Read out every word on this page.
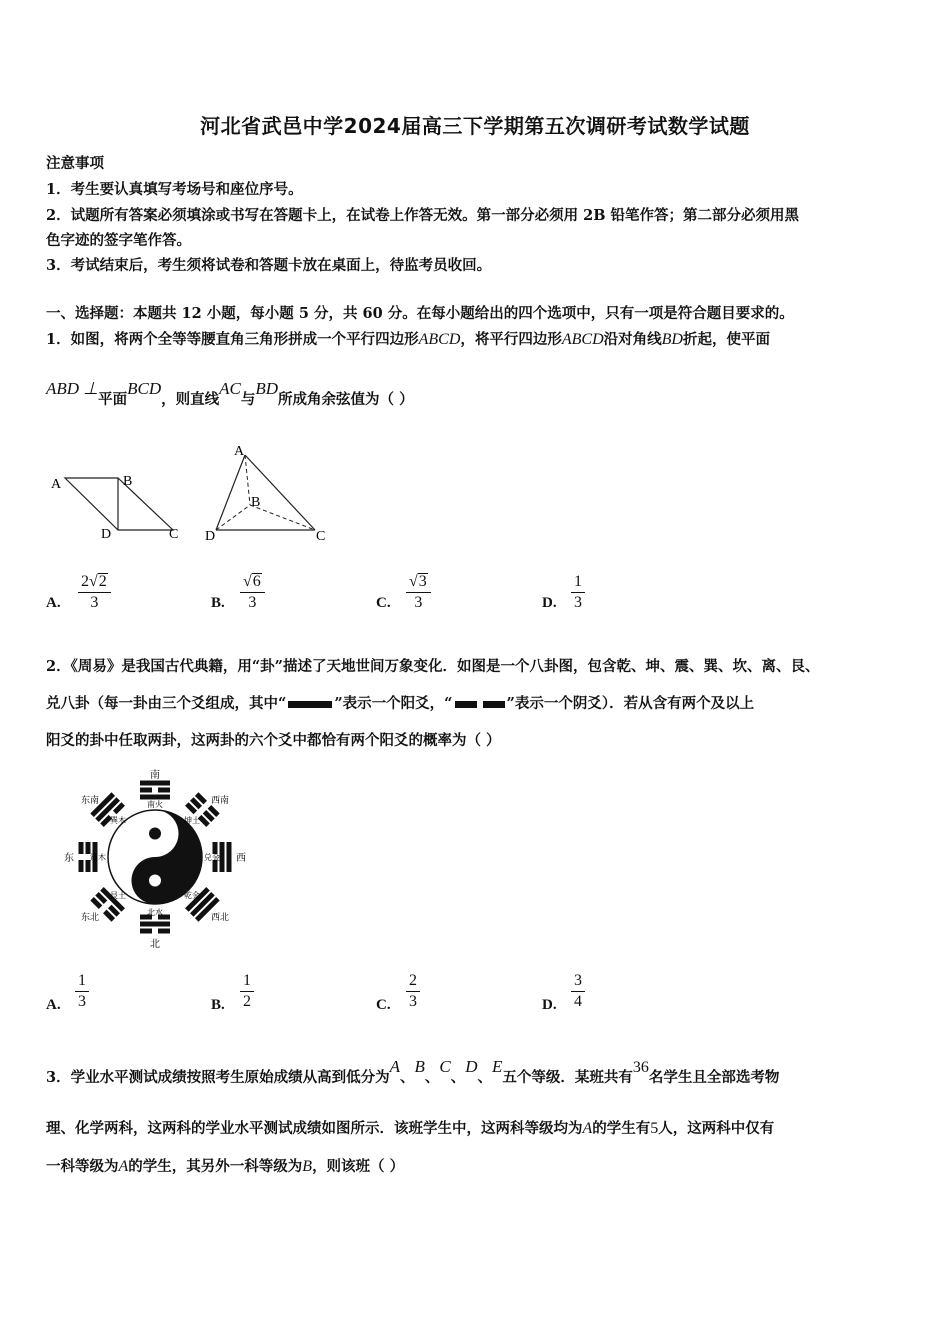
河北省武邑中学2024届高三下学期第五次调研考试数学试题
注意事项
1．考生要认真填写考场号和座位序号。
2．试题所有答案必须填涂或书写在答题卡上，在试卷上作答无效。第一部分必须用 2B 铅笔作答；第二部分必须用黑
色字迹的签字笔作答。
3．考试结束后，考生须将试卷和答题卡放在桌面上，待监考员收回。
一、选择题：本题共 12 小题，每小题 5 分，共 60 分。在每小题给出的四个选项中，只有一项是符合题目要求的。
1．如图，将两个全等等腰直角三角形拼成一个平行四边形ABCD，将平行四边形ABCD沿对角线BD折起，使平面
ABD ⊥平面BCD，则直线AC与BD所成角余弦值为（ ）
A	B
D	C
A
B
D	C
A.
2√2
3	B.
√6
3	C.
√3
3	D.
1
3
2．《周易》是我国古代典籍，用“卦”描述了天地世间万象变化．如图是一个八卦图，包含乾、坤、震、巽、坎、离、艮、
兑八卦（每一卦由三个爻组成，其中“	”表示一个阳爻，“	”表示一个阴爻）．若从含有两个及以上
阳爻的卦中任取两卦，这两卦的六个爻中都恰有两个阳爻的概率为（ ）
南
北
东	西
东南	西南
东北	西北
南火
北水
震木	兑金
巽木	坤土
艮土	乾金
A.
1
3	B.
1
2	C.
2
3	D.
3
4
3．学业水平测试成绩按照考生原始成绩从高到低分为A、B、C、D、E五个等级．某班共有36名学生且全部选考物
理、化学两科，这两科的学业水平测试成绩如图所示．该班学生中，这两科等级均为A的学生有5人，这两科中仅有
一科等级为A的学生，其另外一科等级为B，则该班（ ）
